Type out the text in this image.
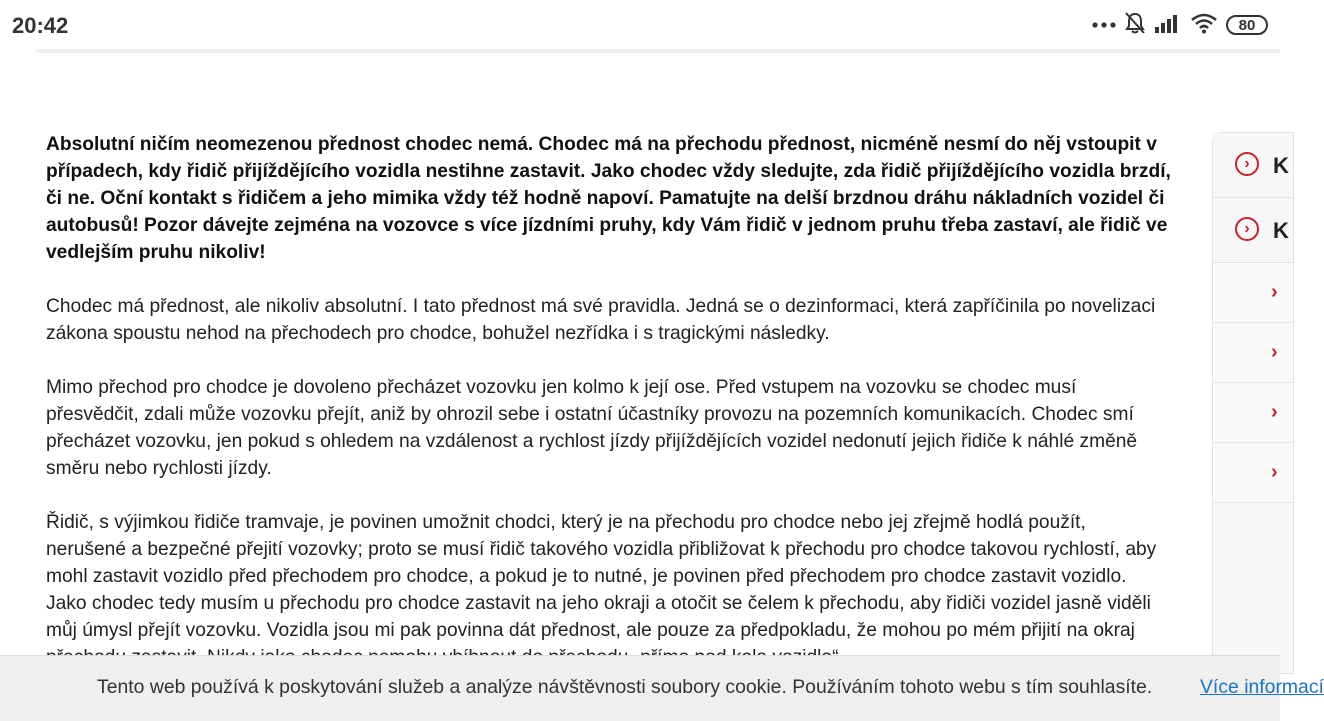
20:42	80

Absolutní ničím neomezenou přednost chodec nemá. Chodec má na přechodu přednost, nicméně nesmí do něj vstoupit v případech, kdy řidič přijíždějícího vozidla nestihne zastavit. Jako chodec vždy sledujte, zda řidič přijíždějícího vozidla brzdí, či ne. Oční kontakt s řidičem a jeho mimika vždy též hodně napoví. Pamatujte na delší brzdnou dráhu nákladních vozidel či autobusů! Pozor dávejte zejména na vozovce s více jízdními pruhy, kdy Vám řidič v jednom pruhu třeba zastaví, ale řidič ve vedlejším pruhu nikoliv!

Chodec má přednost, ale nikoliv absolutní. I tato přednost má své pravidla. Jedná se o dezinformaci, která zapříčinila po novelizaci zákona spoustu nehod na přechodech pro chodce, bohužel nezřídka i s tragickými následky.

Mimo přechod pro chodce je dovoleno přecházet vozovku jen kolmo k její ose. Před vstupem na vozovku se chodec musí přesvědčit, zdali může vozovku přejít, aniž by ohrozil sebe i ostatní účastníky provozu na pozemních komunikacích. Chodec smí přecházet vozovku, jen pokud s ohledem na vzdálenost a rychlost jízdy přijíždějících vozidel nedonutí jejich řidiče k náhlé změně směru nebo rychlosti jízdy.

Řidič, s výjimkou řidiče tramvaje, je povinen umožnit chodci, který je na přechodu pro chodce nebo jej zřejmě hodlá použít, nerušené a bezpečné přejití vozovky; proto se musí řidič takového vozidla přibližovat k přechodu pro chodce takovou rychlostí, aby mohl zastavit vozidlo před přechodem pro chodce, a pokud je to nutné, je povinen před přechodem pro chodce zastavit vozidlo. Jako chodec tedy musím u přechodu pro chodce zastavit na jeho okraji a otočit se čelem k přechodu, aby řidiči vozidel jasně viděli můj úmysl přejít vozovku. Vozidla jsou mi pak povinna dát přednost, ale pouze za předpokladu, že mohou po mém přijití na okraj

›	K
›	K
›
›
›
›
Tento web používá k poskytování služeb a analýze návštěvnosti soubory cookie. Používáním tohoto webu s tím souhlasíte. Více informací
